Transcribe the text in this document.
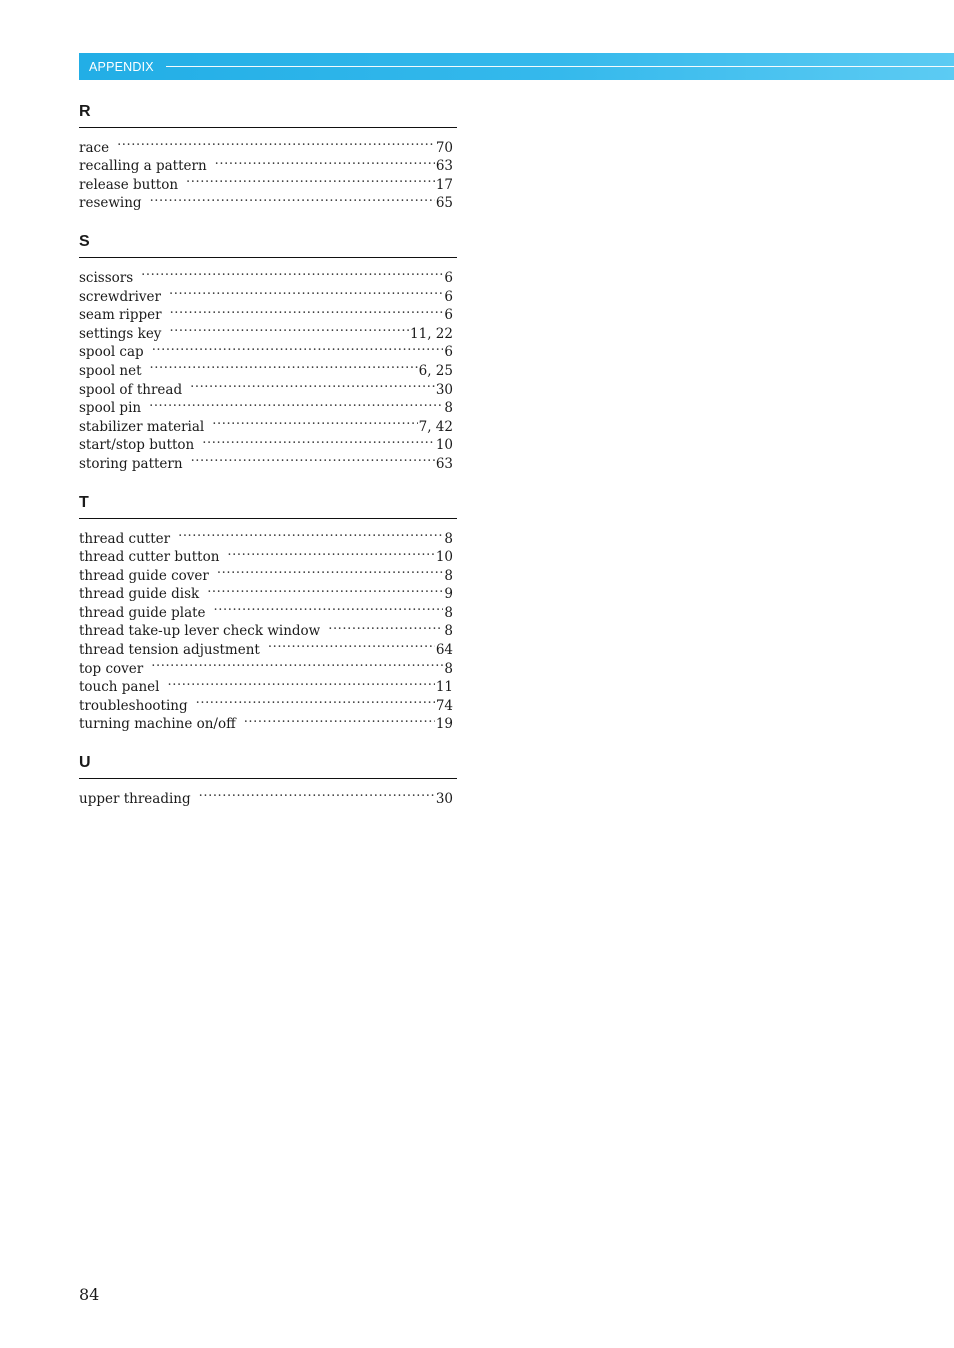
APPENDIX
R
race .....	70
recalling a pattern .....	63
release button .....	17
resewing .....	65
S
scissors .....	6
screwdriver .....	6
seam ripper .....	6
settings key .....	11, 22
spool cap .....	6
spool net .....	6, 25
spool of thread .....	30
spool pin .....	8
stabilizer material .....	7, 42
start/stop button .....	10
storing pattern .....	63
T
thread cutter .....	8
thread cutter button .....	10
thread guide cover .....	8
thread guide disk .....	9
thread guide plate .....	8
thread take-up lever check window .....	8
thread tension adjustment .....	64
top cover .....	8
touch panel .....	11
troubleshooting .....	74
turning machine on/off .....	19
U
upper threading .....	30
84
